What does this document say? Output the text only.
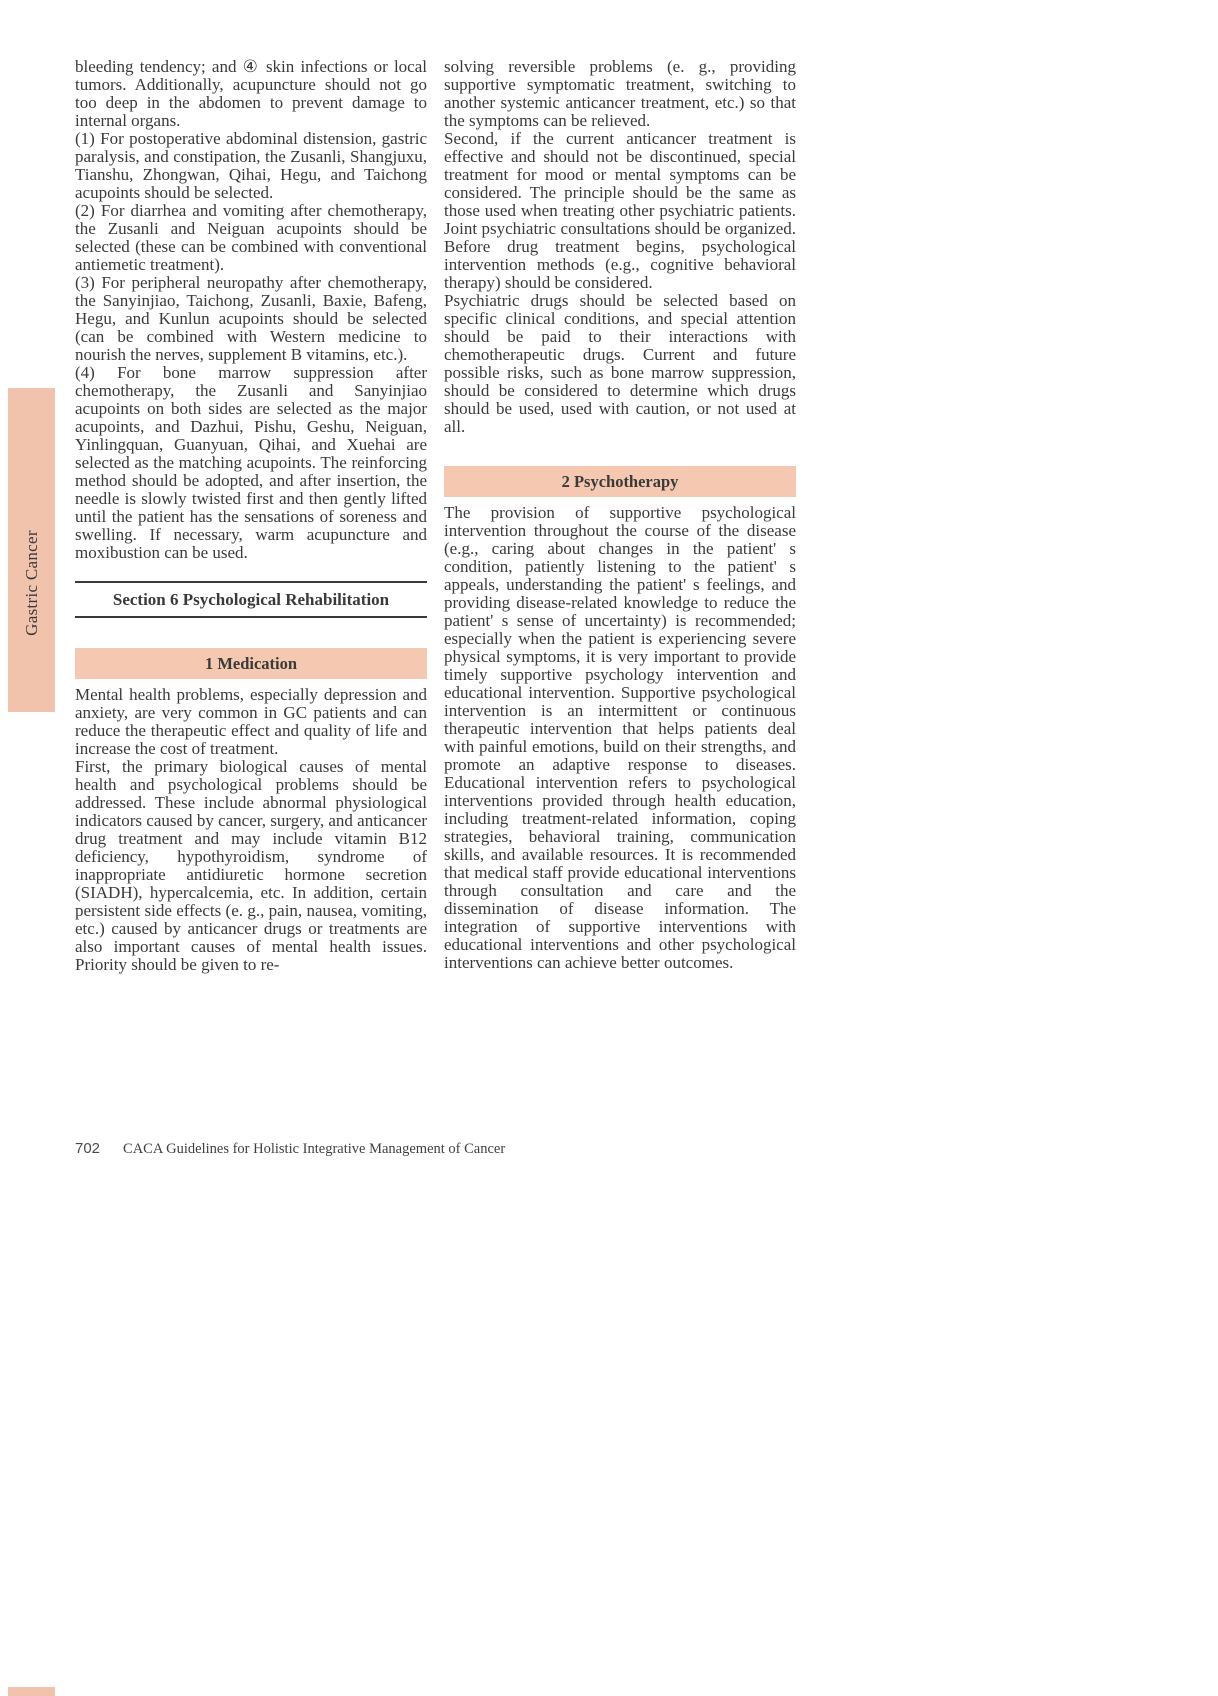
Gastric Cancer

bleeding tendency; and ④ skin infections or local tumors. Additionally, acupuncture should not go too deep in the abdomen to prevent damage to internal organs.

(1) For postoperative abdominal distension, gastric paralysis, and constipation, the Zusanli, Shangjuxu, Tianshu, Zhongwan, Qihai, Hegu, and Taichong acupoints should be selected.

(2) For diarrhea and vomiting after chemotherapy, the Zusanli and Neiguan acupoints should be selected (these can be combined with conventional antiemetic treatment).

(3) For peripheral neuropathy after chemotherapy, the Sanyinjiao, Taichong, Zusanli, Baxie, Bafeng, Hegu, and Kunlun acupoints should be selected (can be combined with Western medicine to nourish the nerves, supplement B vitamins, etc.).

(4) For bone marrow suppression after chemotherapy, the Zusanli and Sanyinjiao acupoints on both sides are selected as the major acupoints, and Dazhui, Pishu, Geshu, Neiguan, Yinlingquan, Guanyuan, Qihai, and Xuehai are selected as the matching acupoints. The reinforcing method should be adopted, and after insertion, the needle is slowly twisted first and then gently lifted until the patient has the sensations of soreness and swelling. If necessary, warm acupuncture and moxibustion can be used.

Section 6 Psychological Rehabilitation
1 Medication

Mental health problems, especially depression and anxiety, are very common in GC patients and can reduce the therapeutic effect and quality of life and increase the cost of treatment.

First, the primary biological causes of mental health and psychological problems should be addressed. These include abnormal physiological indicators caused by cancer, surgery, and anticancer drug treatment and may include vitamin B12 deficiency, hypothyroidism, syndrome of inappropriate antidiuretic hormone secretion (SIADH), hypercalcemia, etc. In addition, certain persistent side effects (e. g., pain, nausea, vomiting, etc.) caused by anticancer drugs or treatments are also important causes of mental health issues. Priority should be given to re-

solving reversible problems (e. g., providing supportive symptomatic treatment, switching to another systemic anticancer treatment, etc.) so that the symptoms can be relieved.

Second, if the current anticancer treatment is effective and should not be discontinued, special treatment for mood or mental symptoms can be considered. The principle should be the same as those used when treating other psychiatric patients. Joint psychiatric consultations should be organized. Before drug treatment begins, psychological intervention methods (e.g., cognitive behavioral therapy) should be considered.

Psychiatric drugs should be selected based on specific clinical conditions, and special attention should be paid to their interactions with chemotherapeutic drugs. Current and future possible risks, such as bone marrow suppression, should be considered to determine which drugs should be used, used with caution, or not used at all.

2 Psychotherapy

The provision of supportive psychological intervention throughout the course of the disease (e.g., caring about changes in the patient' s condition, patiently listening to the patient' s appeals, understanding the patient' s feelings, and providing disease-related knowledge to reduce the patient' s sense of uncertainty) is recommended; especially when the patient is experiencing severe physical symptoms, it is very important to provide timely supportive psychology intervention and educational intervention. Supportive psychological intervention is an intermittent or continuous therapeutic intervention that helps patients deal with painful emotions, build on their strengths, and promote an adaptive response to diseases. Educational intervention refers to psychological interventions provided through health education, including treatment-related information, coping strategies, behavioral training, communication skills, and available resources. It is recommended that medical staff provide educational interventions through consultation and care and the dissemination of disease information. The integration of supportive interventions with educational interventions and other psychological interventions can achieve better outcomes.

702 CACA Guidelines for Holistic Integrative Management of Cancer
